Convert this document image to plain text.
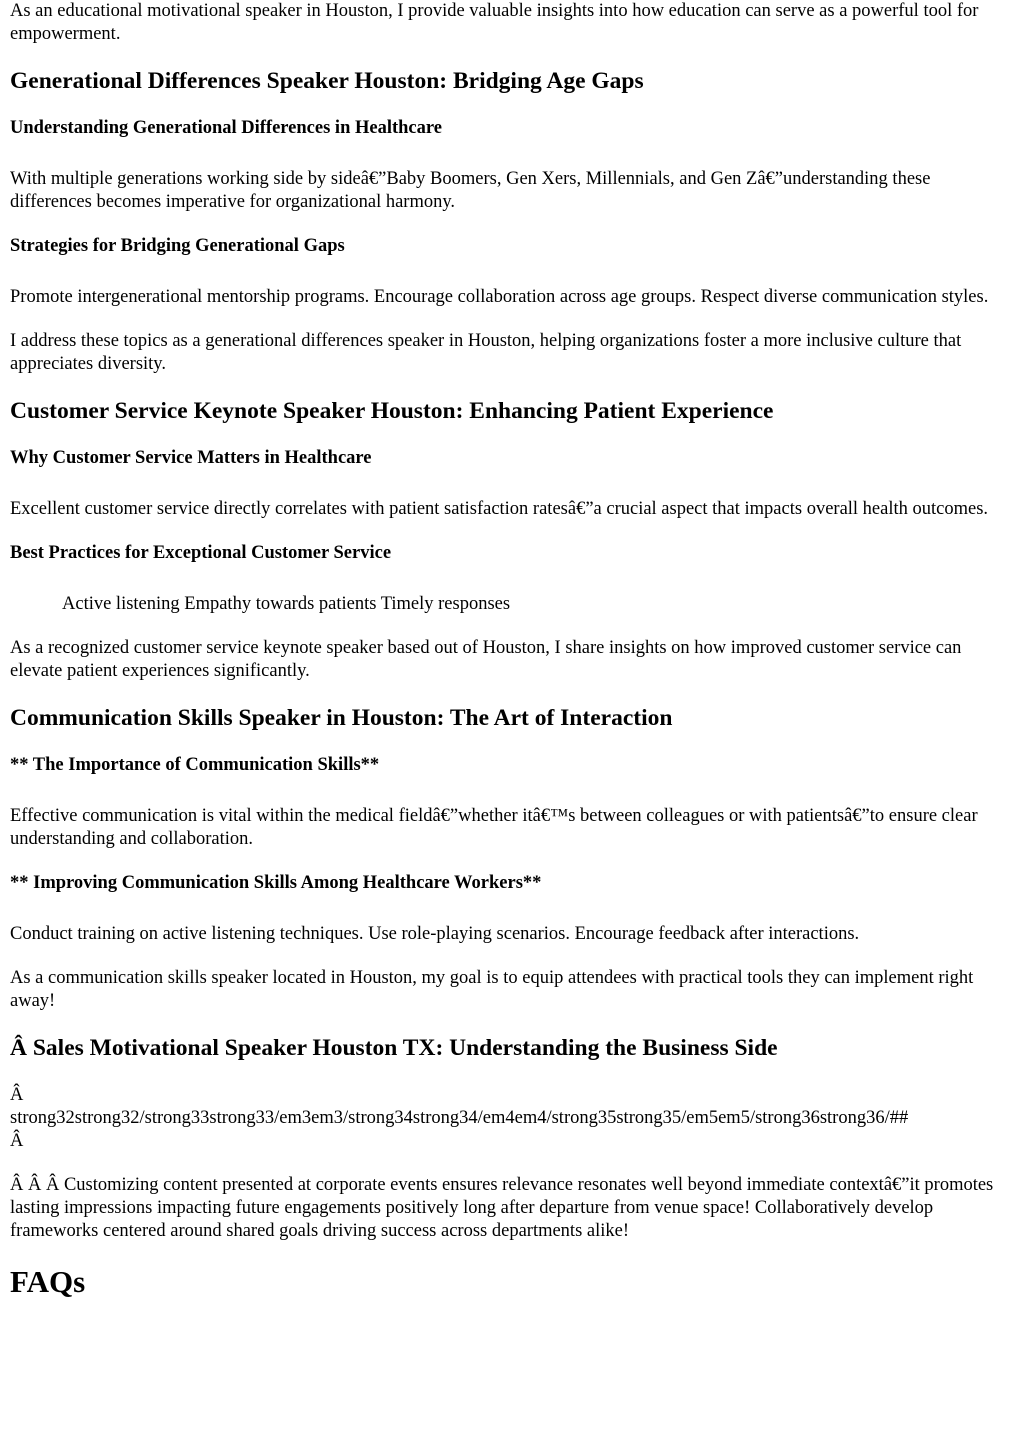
As an educational motivational speaker in Houston, I provide valuable insights into how education can serve as a powerful tool for empowerment.

Generational Differences Speaker Houston: Bridging Age Gaps
Understanding Generational Differences in Healthcare

With multiple generations working side by sideâ€”Baby Boomers, Gen Xers, Millennials, and Gen Zâ€”understanding these differences becomes imperative for organizational harmony.

Strategies for Bridging Generational Gaps

Promote intergenerational mentorship programs. Encourage collaboration across age groups. Respect diverse communication styles.

I address these topics as a generational differences speaker in Houston, helping organizations foster a more inclusive culture that appreciates diversity.

Customer Service Keynote Speaker Houston: Enhancing Patient Experience
Why Customer Service Matters in Healthcare

Excellent customer service directly correlates with patient satisfaction ratesâ€”a crucial aspect that impacts overall health outcomes.

Best Practices for Exceptional Customer Service
Active listening Empathy towards patients Timely responses

As a recognized customer service keynote speaker based out of Houston, I share insights on how improved customer service can elevate patient experiences significantly.

Communication Skills Speaker in Houston: The Art of Interaction
** The Importance of Communication Skills**

Effective communication is vital within the medical fieldâ€”whether itâ€™s between colleagues or with patientsâ€”to ensure clear understanding and collaboration.

** Improving Communication Skills Among Healthcare Workers**

Conduct training on active listening techniques. Use role-playing scenarios. Encourage feedback after interactions.

As a communication skills speaker located in Houston, my goal is to equip attendees with practical tools they can implement right away!

Â Sales Motivational Speaker Houston TX: Understanding the Business Side

Â
strong32strong32/strong33strong33/em3em3/strong34strong34/em4em4/strong35strong35/em5em5/strong36strong36/##
Â

Â Â Â Customizing content presented at corporate events ensures relevance resonates well beyond immediate contextâ€”it promotes lasting impressions impacting future engagements positively long after departure from venue space! Collaboratively develop frameworks centered around shared goals driving success across departments alike!

FAQs
